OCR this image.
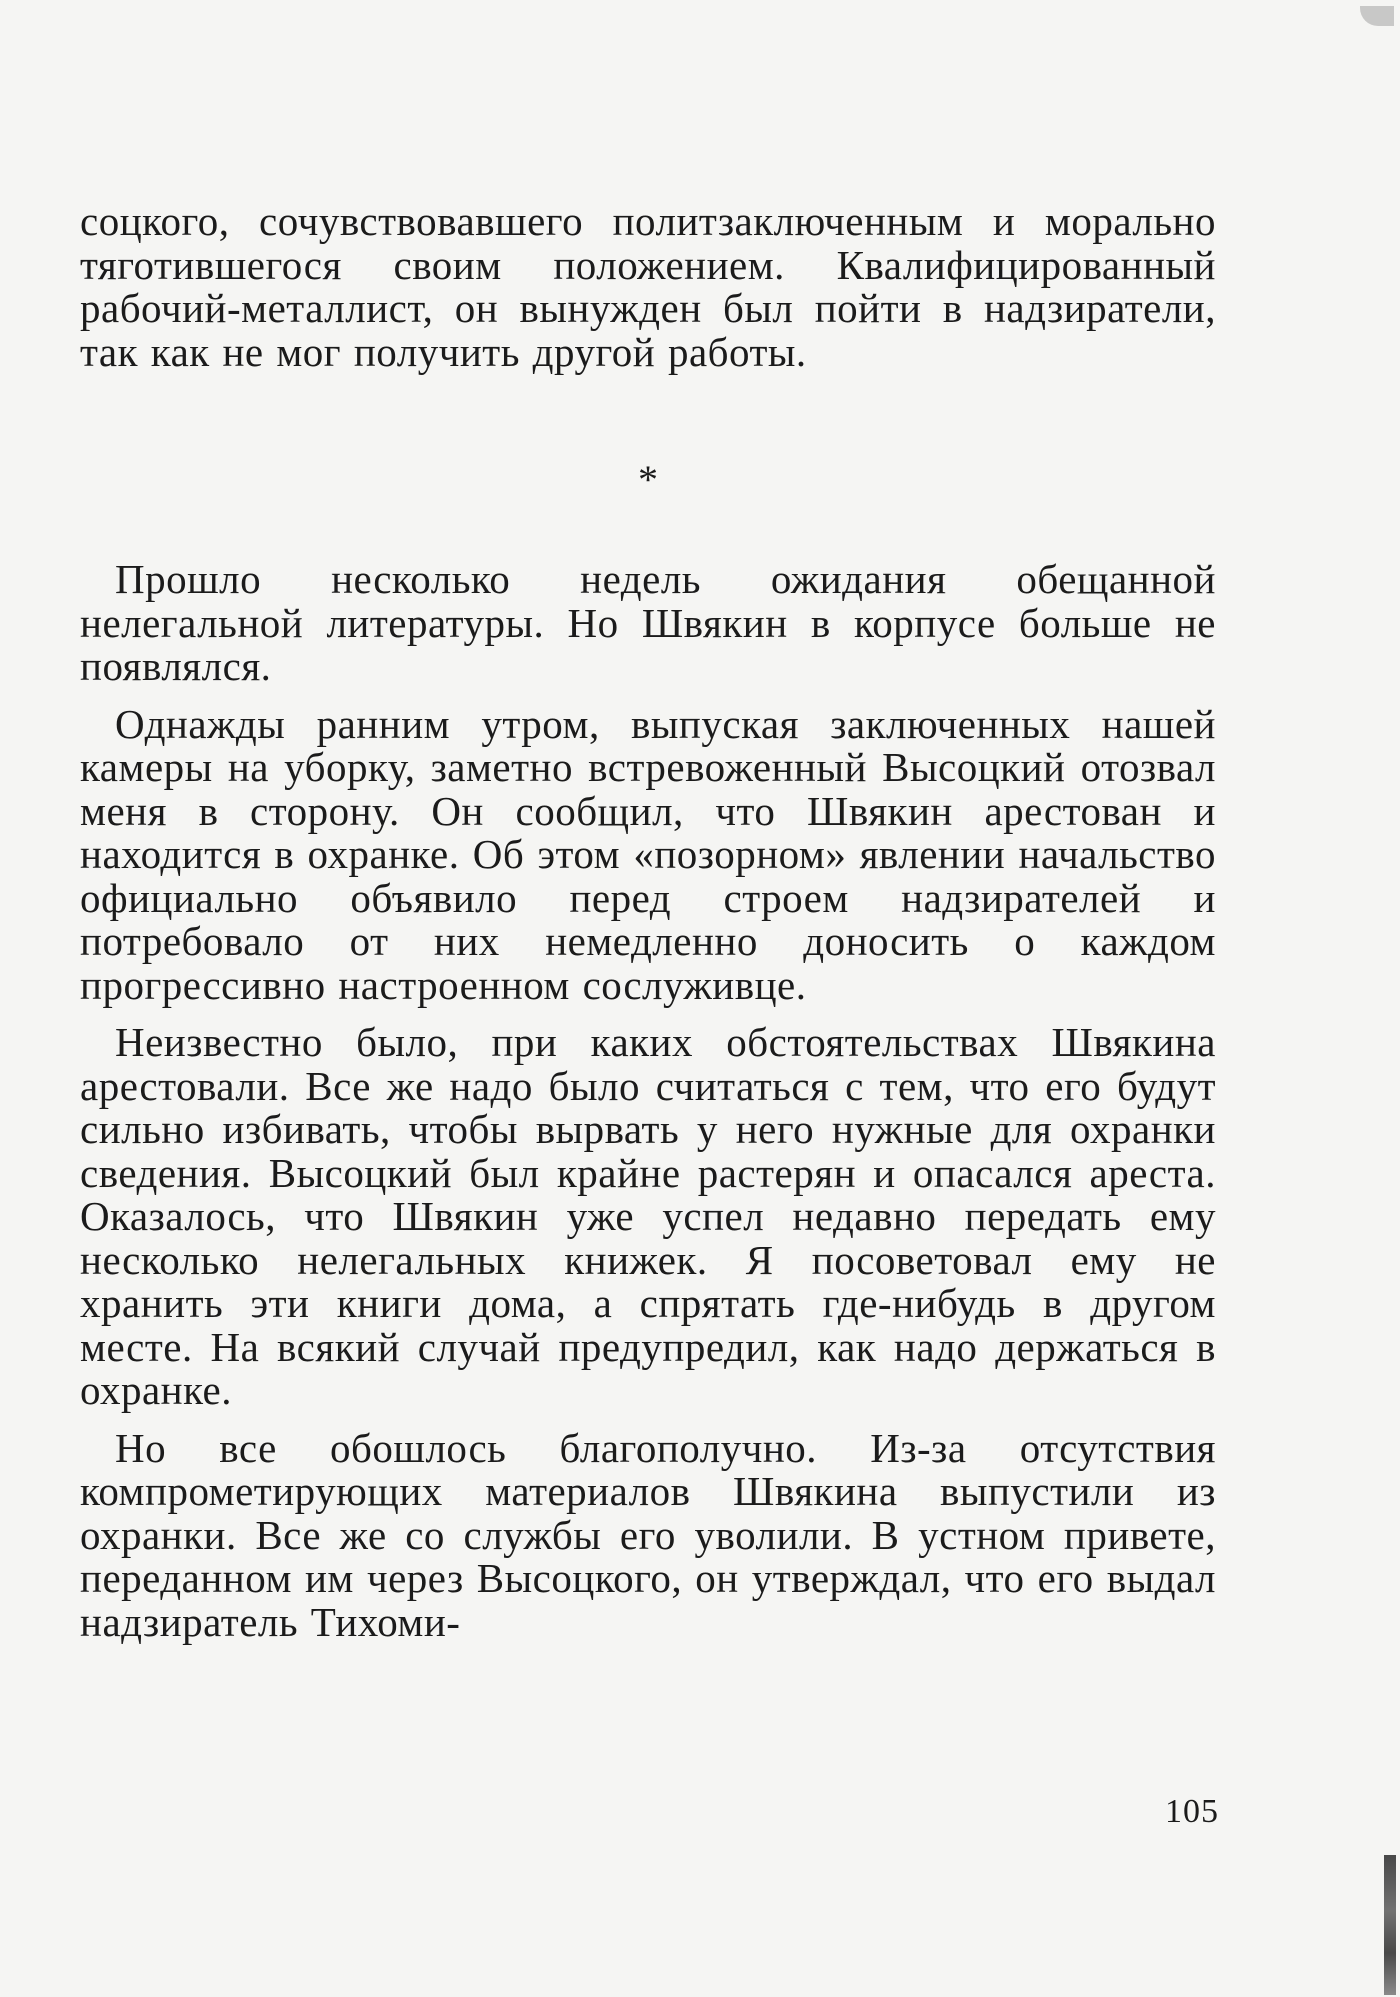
соцкого, сочувствовавшего политзаключенным и морально тяготившегося своим положением. Квалифицированный рабочий-металлист, он вынужден был пойти в надзиратели, так как не мог получить другой работы.

*

Прошло несколько недель ожидания обещанной нелегальной литературы. Но Швякин в корпусе больше не появлялся.

Однажды ранним утром, выпуская заключенных нашей камеры на уборку, заметно встревоженный Высоцкий отозвал меня в сторону. Он сообщил, что Швякин арестован и находится в охранке. Об этом «позорном» явлении начальство официально объявило перед строем надзирателей и потребовало от них немедленно доносить о каждом прогрессивно настроенном сослуживце.

Неизвестно было, при каких обстоятельствах Швякина арестовали. Все же надо было считаться с тем, что его будут сильно избивать, чтобы вырвать у него нужные для охранки сведения. Высоцкий был крайне растерян и опасался ареста. Оказалось, что Швякин уже успел недавно передать ему несколько нелегальных книжек. Я посоветовал ему не хранить эти книги дома, а спрятать где-нибудь в другом месте. На всякий случай предупредил, как надо держаться в охранке.

Но все обошлось благополучно. Из-за отсутствия компрометирующих материалов Швякина выпустили из охранки. Все же со службы его уволили. В устном привете, переданном им через Высоцкого, он утверждал, что его выдал надзиратель Тихоми-

105
